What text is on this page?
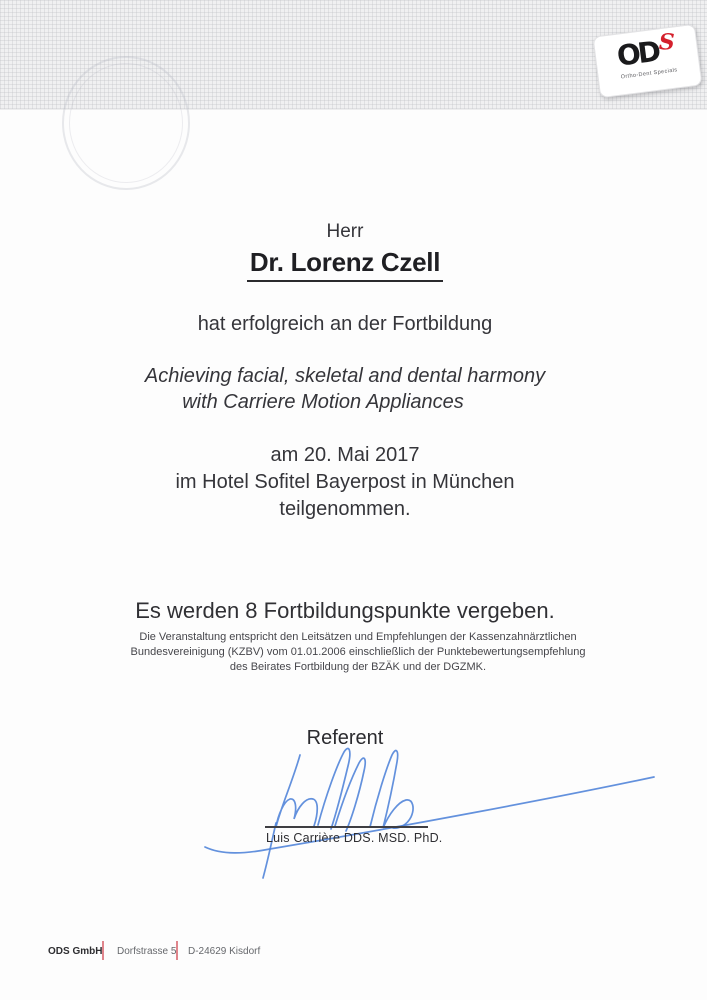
ODS
Ortho-Dent Specials
Herr
Dr. Lorenz Czell
hat erfolgreich an der Fortbildung
Achieving facial, skeletal and dental harmony
with Carriere Motion Appliances
am 20. Mai 2017
im Hotel Sofitel Bayerpost in München
teilgenommen.
Es werden 8 Fortbildungspunkte vergeben.
Die Veranstaltung entspricht den Leitsätzen und Empfehlungen der Kassenzahnärztlichen
Bundesvereinigung (KZBV) vom 01.01.2006 einschließlich der Punktebewertungsempfehlung
des Beirates Fortbildung der BZÄK und der DGZMK.
Referent
Luis Carrière DDS. MSD. PhD.
ODS GmbH Dorfstrasse 5 D-24629 Kisdorf
